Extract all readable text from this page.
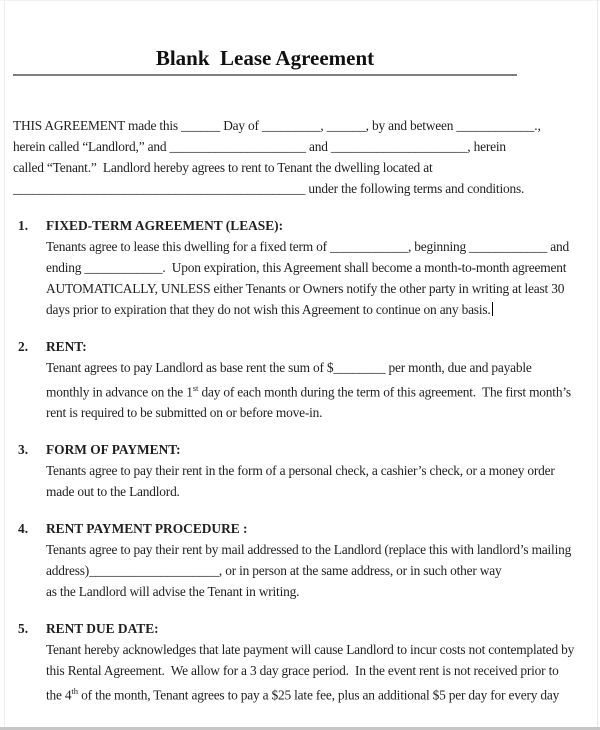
Blank  Lease Agreement
THIS AGREEMENT made this ______ Day of _________, ______, by and between ____________.,
herein called “Landlord,” and _____________________ and _____________________, herein
called “Tenant.”  Landlord hereby agrees to rent to Tenant the dwelling located at
_____________________________________________ under the following terms and conditions.
1. FIXED-TERM AGREEMENT (LEASE):
Tenants agree to lease this dwelling for a fixed term of ____________, beginning ____________ and
ending ____________.  Upon expiration, this Agreement shall become a month-to-month agreement
AUTOMATICALLY, UNLESS either Tenants or Owners notify the other party in writing at least 30
days prior to expiration that they do not wish this Agreement to continue on any basis.
2. RENT:
Tenant agrees to pay Landlord as base rent the sum of $________ per month, due and payable
monthly in advance on the 1st day of each month during the term of this agreement.  The first month’s
rent is required to be submitted on or before move-in.
3. FORM OF PAYMENT:
Tenants agree to pay their rent in the form of a personal check, a cashier’s check, or a money order
made out to the Landlord.
4. RENT PAYMENT PROCEDURE :
Tenants agree to pay their rent by mail addressed to the Landlord (replace this with landlord’s mailing
address)____________________, or in person at the same address, or in such other way
as the Landlord will advise the Tenant in writing.
5. RENT DUE DATE:
Tenant hereby acknowledges that late payment will cause Landlord to incur costs not contemplated by
this Rental Agreement.  We allow for a 3 day grace period.  In the event rent is not received prior to
the 4th of the month, Tenant agrees to pay a $25 late fee, plus an additional $5 per day for every day
